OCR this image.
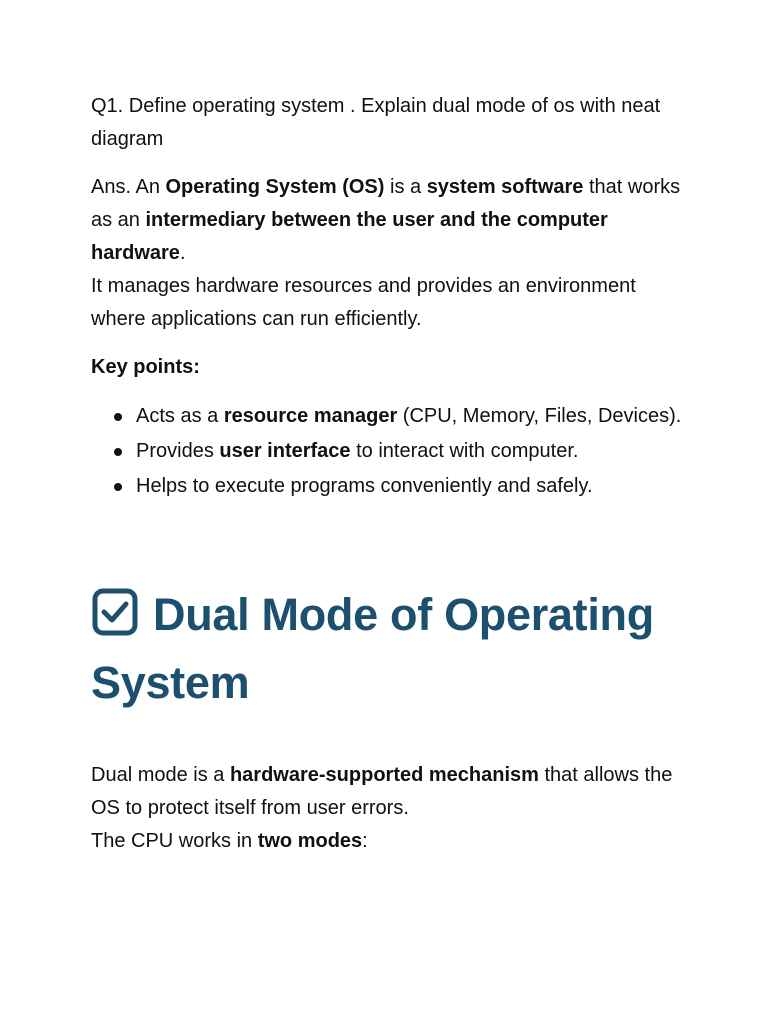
Q1. Define operating system . Explain dual mode of os with neat diagram

Ans. An Operating System (OS) is a system software that works as an intermediary between the user and the computer hardware.
It manages hardware resources and provides an environment where applications can run efficiently.

Key points:

Acts as a resource manager (CPU, Memory, Files, Devices).
Provides user interface to interact with computer.
Helps to execute programs conveniently and safely.
Dual Mode of Operating System

Dual mode is a hardware-supported mechanism that allows the OS to protect itself from user errors.
The CPU works in two modes:
